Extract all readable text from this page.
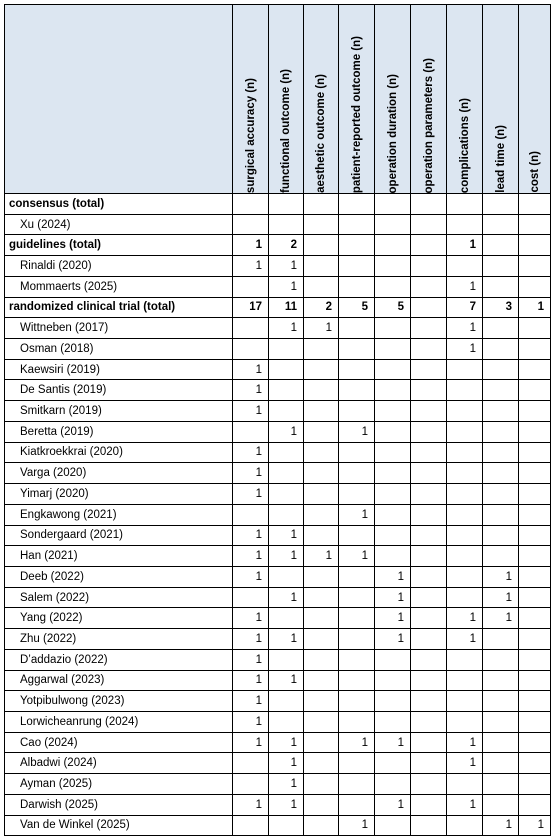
	surgical accuracy (n)	functional outcome (n)	aesthetic outcome (n)	patient-reported outcome (n)	operation duration (n)	operation parameters (n)	complications (n)	lead time (n)	cost (n)

consensus (total)									
Xu (2024)									
guidelines (total)	1	2					1		
Rinaldi (2020)	1	1							
Mommaerts (2025)		1					1		
randomized clinical trial (total)	17	11	2	5	5		7	3	1
Wittneben (2017)		1	1				1		
Osman (2018)							1		
Kaewsiri (2019)	1								
De Santis (2019)	1								
Smitkarn (2019)	1								
Beretta (2019)		1		1					
Kiatkroekkrai (2020)	1								
Varga (2020)	1								
Yimarj (2020)	1								
Engkawong (2021)				1					
Sondergaard (2021)	1	1							
Han (2021)	1	1	1	1					
Deeb (2022)	1				1			1	
Salem (2022)		1			1			1	
Yang (2022)	1				1		1	1	
Zhu (2022)	1	1			1		1		
D’addazio (2022)	1								
Aggarwal (2023)	1	1							
Yotpibulwong (2023)	1								
Lorwicheanrung (2024)	1								
Cao (2024)	1	1		1	1		1		
Albadwi (2024)		1					1		
Ayman (2025)		1							
Darwish (2025)	1	1			1		1		
Van de Winkel (2025)				1				1	1
